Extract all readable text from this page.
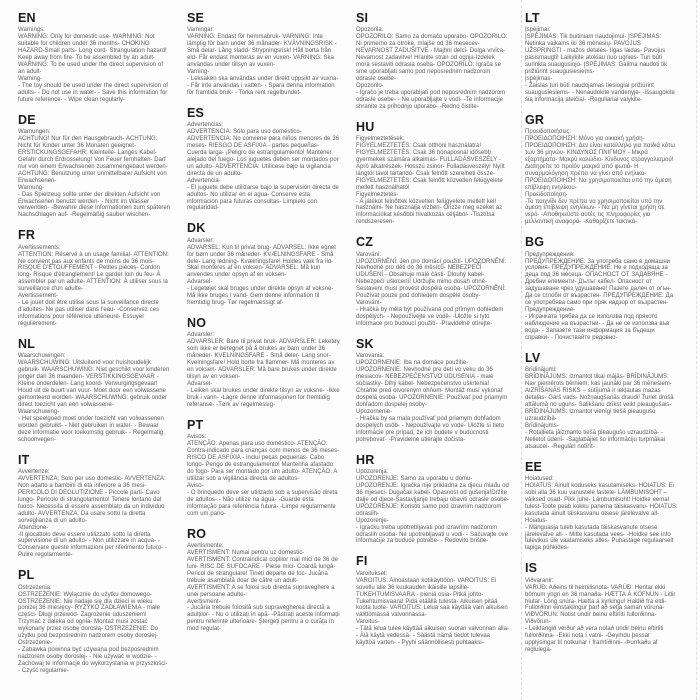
EN

Warnings:

WARNING: Only for domestic use- WARNING: Not suitable for children under 36 months- CHOKING HAZARD-Small parts- Long cord- Strangulation hazard! Keep away from fire- To be assembled by an adult- WARNING: To be used under the direct supervision of an adult-

Warning-

- The toy should be used under the direct supervision of adults- - Do not use in water- - Save this information for future reference- - Wipe clean regularly-

DE

Warnungen:

ACHTUNG! Nur für den Hausgebrauch- ACHTUNG: Nicht für Kinder unter 36 Monaten geeignet- ERSTICKUNGSGEFAHR: Kleinteile- Langes Kabel- Gefahr durch Erdrosselung! Von Feuer fernhalten- Darf nur von einem Erwachsenen zusammengebaut werden- ACHTUNG: Benutzung unter unmittelbarer Aufsicht von Erwachsenen-

Warnung-

- Das Spielzeug sollte unter der direkten Aufsicht von Erwachsenen benutzt werden- - Nicht im Wasser verwenden- -Bewahre diese Informationen zum späteren Nachschlagen auf- -Regelmäßig sauber wischen-

FR

Avertissements:

ATTENTION: Réservé à un usage familial- ATTENTION: Ne convient pas aux enfants de moins de 36 mois- RISQUE D'ÉTOUFFEMENT - Petites pièces- Cordon long- Risque d'étranglement! Le garder loin du feu- À assembler par un adulte- ATTENTION: À utiliser sous la surveillance d'un adulte-

Avertissement-

- Le jouet doit être utilisé sous la surveillance directe d'adultes- Ne pas utiliser dans l'eau- -Conservez ces informations pour référence ultérieure- Essuyer régulièrement-

NL

Waarschuwingen:

WAARSCHUWING: Uitsluitend voor huishoudelijk gebruik- WAARSCHUWING: Niet geschikt voor kinderen jonger dan 36 maanden- VERSTIKKINGSGEVAAR - Kleine onderdelen- Lang koord- Verwurgingsgevaar! Houd uit de buurt van vuur- Moet door een volwassene gemonteerd worden- WAARSCHUWING: gebruik onder direct toezicht van een volwassene-

Waarschuwing-

- Het speelgoed moet onder toezicht van volwassenen worden gebruikt- - Niet gebruiken in water- - Bewaar deze informatie voor toekomstig gebruik- - Regelmatig schoonvegen-

IT

Avvertenze:

AVVERTENZA: Solo per uso domestic- AVVERTENZA: Non adatto a bambini di età inferiore a 36 mesi- PERICOLO DI DEGLUTIZIONE - Piccole parti- Cavo lungo- Pericolo di strangolamento! Tenere lontano dal fuoco- Necessita di essere assemblato da un individuo adulto- AVVERTENZA: Da usare sotto la diretta sorveglianza di un adulto-

Attenzione-

-Il giocattolo deve essere utilizzato sotto la diretta supervisione di un adulto- - Non utilizzare in acqua- -Conservare queste informazioni per riferimento futuro- -Pulire regolarmente-

PL

Ostrzeżenia:

OSTRZEŻENIE: Wyłącznie do użytku domowego- OSTRZEŻENIE: Nie nadaje się dla dzieci w wieku poniżej 36 miesięcy- RYZYKO ZADŁAWIENIA - małe części- Długi przewód- Zagrożenie uduszeniem! Trzymać z daleka od ognia- Montaż musi zostać wykonany przez osobę dorosłą- OSTRZEŻENIE: Do użytku pod bezpośrednim nadzorem osoby dorosłej-

Ostrzeżenie-

- Zabawka powinna być używana pod bezpośrednim nadzorem osoby dorosłej- - Nie używać w wodzie- - Zachowaj te informacje do wykorzystania w przyszłości- - Czyść regularnie-

SE

Varningar:

VARNING: Endast för hemmabruk- VARNING: Inte lämplig för barn under 36 månader- KVÄVNINGSRISK - Små delar- Lång sladd- Strypningsrisk! Håll borta från eld- Får endast monteras av en vuxen- VARNING: Ska användas under tillsyn av vuxen-

Varning-

- Leksaken ska användas under direkt uppsikt av vuxna- - Får inte användas i vatten- - Spara denna information för framtida bruk- - Torka rent regelbundet-

ES

Advertencias:

ADVERTENCIA: Sólo para uso doméstico- ADVERTENCIA: No conviene para niños menores de 36 meses- RIESGO DE ASFIXIA - partes pequeñas- Cuerda larga- ¡Peligro de estrangulamiento! Mantener alejado del fuego- Los juguetes deben ser montados por un adulto- ADVERTENCIA: Utilícese bajo la vigilancia directa de un adulto-

Advertencia-

- El juguete debe utilizarse bajo la supervisión directa de adultos- No utilizar en el agua- Conserve esta información para futuras consultas- Limpielo con regularidad-

DK

Advarsler:

ADVARSEL: Kun til privat brug- ADVARSEL: Ikke egnet for børn under 36 måneder- KVÆLNINGSFARE - Små dele- Lang ledning- Kvælningsfare! Holdes væk fra ild- Skal monteres af en voksen- ADVARSEL: Må kun anvendes under opsyn af en voksen-

Advarsel-

- Legetøjet skal bruges under direkte opsyn af voksne- Må ikke bruges i vand- Gem denne information til fremtidig brug- Tør regelmæssigt af-

NO

Advarsler:

ADVARSLER: Bare til privat bruk- ADVARSLER: Leketøy som ikke er beregnet på å brukes av barn under 36 måneder- KVELNINGSFARE - Små deler- Lang snor- Kvelningsfare! Hold borte fra flammer- Må monteres av en voksen- ADVARSLER: Må bare brukes under direkte tilsyn av en voksen-

Advarsel-

- Leiken skal brukes under direkte tilsyn av voksne- -Ikke bruk i vann- -Lagre denne informasjonen for fremtidig referanse- -Tørk av regelmessig-

PT

Avisos:

ATENÇÃO: Apenas para uso doméstico- ATENÇÃO: Contra-indicado para crianças com menos de 36 meses- RISCO DE ASFIXIA - inclui peças pequenas- Cabo longo- Perigo de estrangulamento! Mantenha afastado do fogo- Para ser montado por um adulto- ATENÇÃO: A utilizar sob a vigilância directa de adultos-

Aviso-

- O brinquedo deve ser utilizado sob a supervisão direta de adultos- - Não utilize na água- -Guarde esta informação para referência futura- -Limpe regularmente com um pano-

RO

Avertismente:

AVERTISMENT: Numai pentru uz domestic- AVERTISMENT: Contraindicat copiilor mai mici de 36 de luni- RISC DE SUFOCARE - Piese mici- Coardă lungă- Pericol de strangulare! Țineți departe de foc- Jucăria trebuie asamblată doar de către un adult- AVERTISMENT: A se folosi sub directa supraveghere a unei persoane adulte-

Avertisment-

- Jucăria trebuie folosită sub supravegherea directă a adulților- - Nu o utilizați în apă- -Păstrați aceste informații pentru referințe ulterioare- Ștergeți pentru a o curăța în mod regulat-

SI

Opozorila:

OPOZORILO: Samo za domačo uporabo- OPOZORILO: Ni primerno za otroke, mlajše od 36 mesecev- NEVARNOST ZADUŠITVE - Majhni delci- Dolga vrvica- Nevarnost zadavitve! Hranite stran od ognja-Izdelek mora sestaviti odrasla oseba- OPOZORILO: Igrača se sme uporabljati samo pod neposrednim nadzorom odrasle osebe-

Opozorilo-

- Igračo je treba uporabljati pod neposrednim nadzorom odrasle osebe- - Ne uporabljajte v vodi- -Te informacije shranite za prihodnjo uporabo- -Redno čistite-

HU

Figyelmeztetések:

FIGYELMEZTETÉS: Csak otthoni használatra! FIGYELMEZTETÉS: Csak 36 hónaposnál idősebb gyermekek számára alkalmas- FULLADÁSVESZÉLY - Apró alkatrészek- Hosszú zsinór- Fulladásveszély! Nyílt lángtól távol tartandó- Csak felnőtt szerelheti össze- FIGYELMEZTETÉS: Csak felnőtt közvetlen felügyelete mellett használható!

Figyelmeztetés-

- A játékot felnőttek közvetlen felügyelete mellett kell használni- Ne használja vízben- Őrizze meg ezeket az információkat későbbi hivatkozás céljából- -Tisztítsa rendszeresen-

CZ

Varování:

UPOZORNĚNÍ: Jen pro domácí použití- UPOZORNĚNÍ: Nevhodné pro děti do 36 měsíců- NEBEZPEČÍ UDUŠENÍ - Obsahuje malé části- Dlouhý kabel- Nebezpečí uškrcení! Udržujte mimo dosah ohně- Sestavení musí provést dospělá osoba- UPOZORNĚNÍ: Používat pouze pod dohledem dospělé osoby-

Varování-

- Hračka by měla být používaná pod přímým dohledem dospělých- - Nepoužívejte ve vodě- -Uložte si tyto informace pro budoucí použití- -Pravidelně otírejte-

SK

Varovania:

UPOZORNENIE: Iba na domáce použitie- UPOZORNENIE: Nevhodné pre deti vo veku do 36 mesiacov- NEBEZPEČENSTVO UDUSENIA - malé súčiastky- Dlhý kábel- Nebezpečenstvo uškrtenia! Chráňte pred otvoreným ohňom- Montáž musí vykonať dospelá osoba- UPOZORNENIE: Používať pod priamym dohľadom dospelej osoby-

Upozornenie-

- Hračka by sa mala používať pod priamym dohľadom dospelých osôb- - Nepoužívajte vo vode- Uložte si tieto informácie pre prípad, že ich budete v budúcnosti potrebovať- -Pravidelne utierajte dočista-

HR

Upozorenja:

UPOZORENJE: Samo za uporabu u domu-UPOZORENJE: Igračka nije prikladna za djecu mlađu od 36 mjeseci- Dugačak kabel- Opasnost od gušenja!Držite dalje od djece-Sastavljanje trebaju obaviti odrasle osobe- UPOZORENJE: Koristiti samo pod izravnim nadzorom odraslih-

Upozorenje-

- Igračku treba upotrebljavati pod izravnim nadzorom odraslih osoba- Ne upotrebljavati u vodi- - Sačuvajte ove informacije za buduće potrebe- - Redovito brišite-

FI

Varoitukset:

VAROITUS: Ainoastaan kotikäyttöön- VAROITUS: Ei sovellu alle 36 kuukauden ikäisille lapsille- TUKEHTUMISVAARA - pieniä osia- Pitkä johto- Tukehtumisvaara! Pidä etäällä tulesta- Aikuisen pitää koota tuote- VAROITUS: Lelua saa käyttää vain aikuisen välittömässä valvonnassa-

Varoitus-

- Tätä lelua tulee käyttää aikuisen suoran valvonnan alla- - Älä käytä vedessä- - Säästä nämä tiedot tulevaa käyttöä varten- - Pyyhi säännöllisesti puhtaaksi-

LT

Įspėjimai:

ĮSPĖJIMAS: Tik buitiniam naudojimui- ĮSPĖJIMAS: Netinka vaikams iki 36 mėnesių- PAVOJUS UŽSPRINGTI - mažos detalės- Ilgas laidas- Pavojus pasismaugti! Laikykite atokiau nuo ugnies- Turi būti surinkta suaugusiojo- ĮSPĖJIMAS: Galima naudoti tik prižiūrint suaugusiesiems-

Įspėjimas-

- Žaislas turi būti naudojamas tiesiogiai prižiūrint suaugusiesiems- - Nenaudokite vandenyje- -Išsaugokite šią informaciją ateičiai- -Reguliariai valykite-

GR

Προειδοποιήσεις:

ΠΡΟΕΙΔΟΠΟΙΗΣΗ: Μόνο για οικιακή χρήση- ΠΡΟΕΙΔΟΠΟΙΗΣΗ: Δεν είναι κατάλληλο για παιδιά κάτω των 36 μηνών- ΚΙΝΔΥΝΟΣ ΠΝΙΓΜΟΥ - Μικρά εξαρτήματα- Μακρύ καλώδιο- Κίνδυνος στραγγαλισμού! Διατηρείτε το προϊόν μακριά από φωτιά- Η συναρμολόγηση πρέπει να γίνει από ενήλικα- ΠΡΟΕΙΔΟΠΟΙΗΣΗ: Να χρησιμοποιείται υπό την άμεση επίβλεψη ενηλίκου-

Προειδοποίηση-

-Το παιχνίδι δεν πρέπει να χρησιμοποιείται υπό την άμεση επίβλεψη ενηλίκων- - Να μη γίνεται χρήση σε νερό- -Αποθηκεύστε αυτές τις πληροφορίες για μελλοντική αναφορά- -Καθαρίζετε τακτικά-

BG

Предупреждения:

ПРЕДУПРЕЖДЕНИЕ: За употреба само в домашни условия- ПРЕДУПРЕЖДЕНИЕ: Не е подходяща за деца под 36 месеца- ОПАСНОСТ ОТ ЗАДАВЯНЕ - Дребни елементи- Дълъг кабел- Опасност от задушаване чрез удушаване! Пазете далеч от огън- Да се сглоби от възрастен- ПРЕДУПРЕЖДЕНИЕ: Да се употребява само при пряк надзор от възрастен-

Предупреждение-

- Играчката трябва да се използва под прякото наблюдение на възрастни- - Да не се използва във вода- - Запазете тази информация за бъдещи справки- - Почиствайте редовно-

LV

Brīdinājumi:

BRĪDINĀJUMS: Izmantot tikai mājās- BRĪDINĀJUMS: Nav piemērots bērniem, kas jaunāki par 36 mēnešiem- AIZRĪŠANĀS RISKS – sūtījumā ir iekļautas mazas detaļas- Garš vads- Nožņaugšanās draudi! Turiet drošā attālumā no uguns- Salikšanu drīkst veikt pieaugušais- BRĪDINĀJUMS: Izmantot vienīgi tiešā pieaugušo uzraudzībā-

Brīdinājums-

- Rotaļlieta jāizmanto tiešā pieaugušo uzraudzībā- - Nelietot ūdenī- -Saglabājiet šo informāciju turpmākai atsaucei- -Regulāri notīrīt-

EE

Hoiatused:

HOIATUS: Ainult koduseks kasutamiseks- HOIATUS: Ei sobi alla 36 kuu vanustele lastele- LÄMBUMISOHT – väiksed osad- Pikk juhe- Lämbumisoht! Hoidke eemal tulest-Toote peab kokku panema täiskasvanu- HOIATUS: kasutada ainult täiskasvanu otsese järelevalve all-

Hoiatus-

- Mänguasja tuleb kasutada täiskasvanute otsese järelevalve all- - Mitte kasutada vees- -Hoidke see info tulevikus üle vaatamiseks alles- Puhastage regulaarselt lapiga pühkides-

IS

Viðvaranir:

VARÚÐ: Aðeins til heimilisnota- VARÚÐ: Hentar ekki börnum yngri en 36 mánaða- HÆTTA Á KÖFNUN - Litlir hlutar- Löng snúra- Hætta á kyrkingu! Haldið frá eldi- Fullorðinn einstaklingur þarf að setja saman vöruna- VIÐVÖRUN: Notist undir beinu eftirliti fullorðinna-

Viðvörun-

- Leikfangið verður að vera notað undir beinu eftirliti fullorðinna- -Ekki nota í vatni- -Geymdu þessar upplýsingar til notkunar í framtíðinni- -Þurrkaðu af reglulega-
